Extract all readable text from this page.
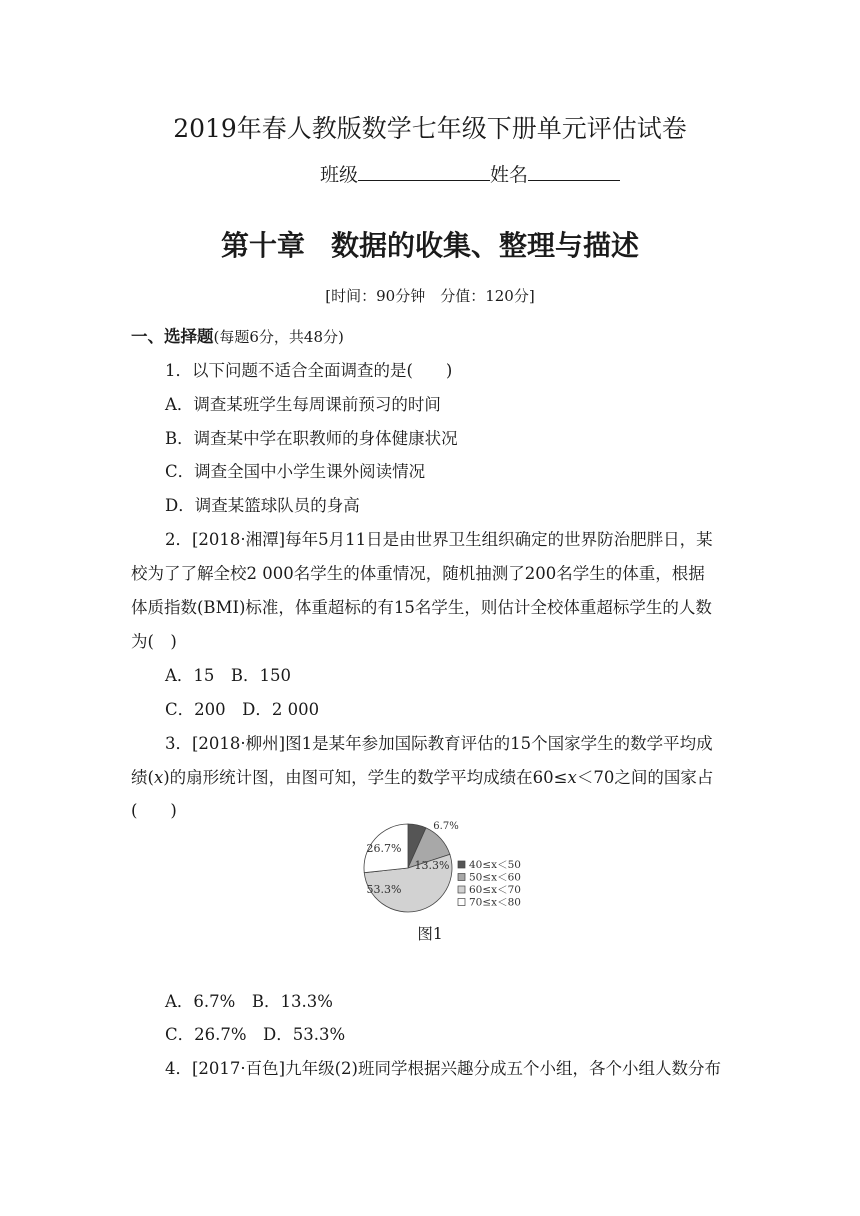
2019年春人教版数学七年级下册单元评估试卷
班级	姓名
第十章 数据的收集、整理与描述
[时间：90分钟　分值：120分]
一、选择题(每题6分，共48分)
1．以下问题不适合全面调查的是(　　)
A．调查某班学生每周课前预习的时间
B．调查某中学在职教师的身体健康状况
C．调查全国中小学生课外阅读情况
D．调查某篮球队员的身高
2．[2018·湘潭]每年5月11日是由世界卫生组织确定的世界防治肥胖日，某
校为了了解全校2 000名学生的体重情况，随机抽测了200名学生的体重，根据
体质指数(BMI)标准，体重超标的有15名学生，则估计全校体重超标学生的人数
为(　)
A．15　B．150
C．200　D．2 000
3．[2018·柳州]图1是某年参加国际教育评估的15个国家学生的数学平均成
绩(x)的扇形统计图，由图可知，学生的数学平均成绩在60≤x＜70之间的国家占
(　　)
6.7%
13.3%
53.3%
26.7%
40≤x＜50
50≤x＜60
60≤x＜70
70≤x＜80
图1
A．6.7%　B．13.3%
C．26.7%　D．53.3%
4．[2017·百色]九年级(2)班同学根据兴趣分成五个小组，各个小组人数分布
